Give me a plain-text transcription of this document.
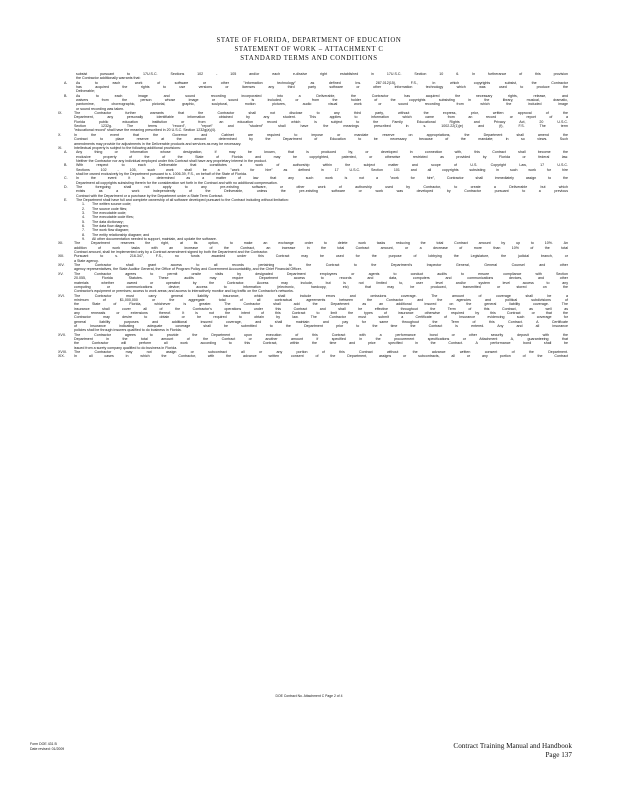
STATE OF FLORIDA, DEPARTMENT OF EDUCATION
STATEMENT OF WORK – ATTACHMENT C
STANDARD TERMS AND CONDITIONS
subsist pursuant to 17U.S.C. Sections 102 - 105 and/or each e-dissive right established in 17U.S.C. Section 10 6. In furtherance of this provision
the Contractor additionally warrants that:
A. As to each work of software or other "information technology" as defined Ins. 287.012(15), F.S., in which copyrights subsist, the Contractor
has acquired the rights to use versions or licenses any third party software or other information technology which was used to produce the
Deliverable;
B. As to each image and sound recording incorporated into a Deliverable, the Contractor has acquired the necessary rights, release, and
waivers from the person whose image or sound is included, or from the holder of the copyrights subsisting in the library, musical, dramatic,
pantomime, choreographic, pictorial, graphic, sculptural, motion pictures, audio visual work or sound recording from which the included image
or sound recording was taken.
IX.	The Contractor further warrants that the Contractor shall not disclose to any third party, without the express, prior, written approval of the
Department, any personally identifiable information obtained by any student. This applies to information which came from an record or report of a
Florida public education institution or from an education record which is subject to the Family Educational Rights and Privacy Act, 20 U.S.C.
Section 1232g. The terms "record", "report" and "student" shall have the meanings prescribed in s. 1002.22(1)(e) and (f), F.S. The term
"educational record" shall have the meaning prescribed in 20 U.S.C. Section 1232g(a)(4).
X.	In the event that the Governor and Cabinet are required to impose or mandate reserve on appropriations, the Department shall amend the
Contract to place reserve at the amount determined by the Department of Education to be necessary because of the mandate; in so views. Such
amendments may provide for adjustments in the Deliverable products and services as may be necessary.
XI.	Intellectual property is subject to the following additional provisions:
A. Any thing or information whose designation, if may be known, that is produced by, or developed in connection with, this Contract shall become the
exclusive property of the of the State of Florida and may be copyrighted, patented, or otherwise restricted as provided by Florida or federal law.
Neither the Contractor nor any individual employed under this Contract shall have any proprietary interest in the product.
B. With respect to each Deliverable that constitutes a work of authorship within the subject matter and scope of U.S. Copyright Law, 17 U.S.C.
Sections 102 - 105, such work shall be a "work for hire" as defined in 17 U.S.C. Section 101 and all copyrights subsisting in such work for hire
shall be owned exclusively by the Department pursuant to s. 1006.39, F.S., on behalf of the State of Florida.
C. In the event it is determined as a matter of law that any such work is not a "work for hire", Contractor shall immediately assign to the
Department all copyrights subsisting therein for the consideration set forth in the Contract and with no additional compensation.
D. The foregoing shall not apply to any pre-existing software, or other work of authorship used by Contractor, to create a Deliverable but which
exists as a work independently of the Deliverable, unless the pre-existing software or work was developed by Contractor pursuant to a previous
Contract with the Department or a purchase by the Department under a State Term Contract.
E. The Department shall have full and complete ownership of all software developed pursuant to the Contract including without limitation:
1. The written source code;
2. The source code files;
3. The executable code;
4. The executable code files;
5. The data dictionary;
6. The data flow diagram;
7. The work flow diagram;
8. The entity relationship diagram; and
9. All other documentation needed to support, maintain, and update the software.
XII.	The Department reserves the right, at its option, to make an exchange order to delete work tasks reducing the total Contract amount by up to 10%. An
addition of work tasks with an increase of the Contract, an increase in the total Contract amount, or a decrease of more than 10% of the total
Contract amount, shall be implemented only by a Contract amendment signed by both the Department and the Contractor.
XIII.	Pursuant to s. 216.347, F.S., no funds awarded under this Contract may be used for the purpose of lobbying the Legislature, the judicial branch, or
a State agency.
XIV.	The Contractor shall grant access to all records pertaining to the Contract to the Department's Inspector General, General Counsel and other
agency representatives, the State Auditor General, the Office of Program Policy and Government Accountability, and the Chief Financial Officer.
XV.	The Contractor agrees to permit onsite visits by designated Department employees or agents to conduct audits to ensure compliance with Section
20.055, Florida Statutes. These audits may require Department access to records and data, computers and communications devices, and other
materials whether owned or operated by the Contractor. Access may include, but is not limited to, user level and/or system level access to any
computing or communications device; access to information (electronic, hardcopy, etc) that may be produced, transmitted or stored on the
Contractor's equipment or premises; access to work areas; and access to interactively monitor and log traffic on the Contractor's networks.
XVI.	The Contractor must carry general liability insurance, which shall include errors and omissions coverage. The amount of coverage shall be a
minimum of $1,000,000 or the aggregate total of all contractual agreements between the Contractor and the agencies and political subdivisions of
the State of Florida, whichever is greater. The Contractor shall add the Department as an additional insured on the general liability coverage. The
insurance shall cover all of the Contractor's operations under this Contract and shall be effective throughout the Term of this Contract, as well as
any renewals or extensions thereof. It is not the intent of this Contract to limit the types of insurance otherwise required by this Contract or that the
Contractor may desire to obtain or be required to obtain by law. The Contractor must submit a Certificate of Insurance evidencing such coverage for
general liability purposes and additional insured coverage, and shall maintain and pay for same throughout the Term of this Contract. A Certificate
of Insurance indicating adequate coverage shall be submitted to the Department prior to the time the Contract is entered. Any and all insurance
policies shall be through insurers qualified to do business in Florida.
XVII. The Contractor agrees to provide the Department upon execution of this Contract with a performance bond or other security deposit with the
Department in the total amount of the Contract or another amount if specified in the procurement specifications or Attachment A, guaranteeing that
the Contractor will perform all work according to this Contract, within the time and price specified in the Contract. A performance bond shall be
issued from a surety company qualified to do business in Florida.
XVIII. The Contractor may not assign or subcontract all or any portion of this Contract without the advance written consent of the Department.
XIX.	In all cases in which the Contractor, with the advance written consent of the Department, assigns or subcontracts, all or any portion of the Contract
DOE Contract No. Attachment C Page 2 of 4
Form DOE 431 B
Date revised: 01/2009	Contract Training Manual and Handbook
Page 137
